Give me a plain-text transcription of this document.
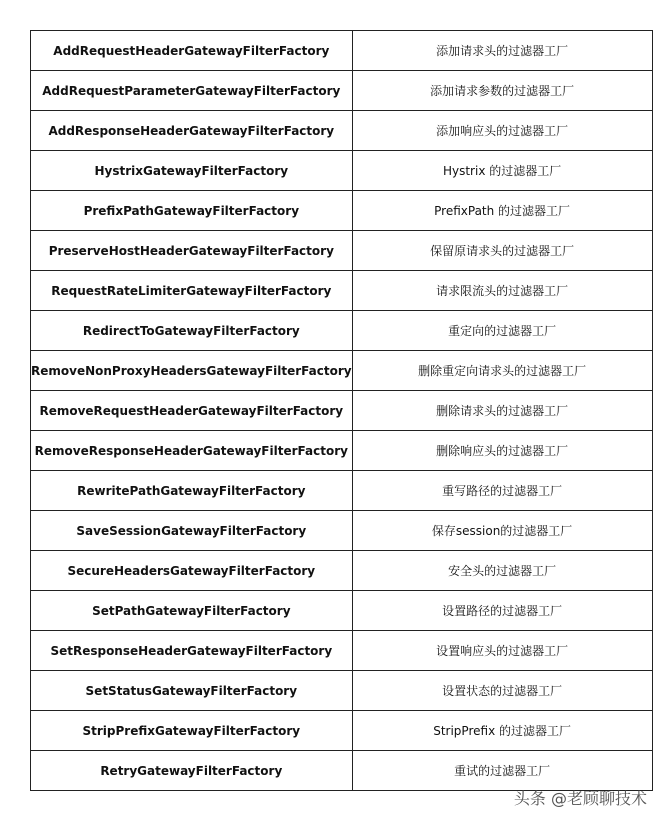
AddRequestHeaderGatewayFilterFactory	添加请求头的过滤器工厂
AddRequestParameterGatewayFilterFactory	添加请求参数的过滤器工厂
AddResponseHeaderGatewayFilterFactory	添加响应头的过滤器工厂
HystrixGatewayFilterFactory	Hystrix 的过滤器工厂
PrefixPathGatewayFilterFactory	PrefixPath 的过滤器工厂
PreserveHostHeaderGatewayFilterFactory	保留原请求头的过滤器工厂
RequestRateLimiterGatewayFilterFactory	请求限流头的过滤器工厂
RedirectToGatewayFilterFactory	重定向的过滤器工厂
RemoveNonProxyHeadersGatewayFilterFactory	删除重定向请求头的过滤器工厂
RemoveRequestHeaderGatewayFilterFactory	删除请求头的过滤器工厂
RemoveResponseHeaderGatewayFilterFactory	删除响应头的过滤器工厂
RewritePathGatewayFilterFactory	重写路径的过滤器工厂
SaveSessionGatewayFilterFactory	保存session的过滤器工厂
SecureHeadersGatewayFilterFactory	安全头的过滤器工厂
SetPathGatewayFilterFactory	设置路径的过滤器工厂
SetResponseHeaderGatewayFilterFactory	设置响应头的过滤器工厂
SetStatusGatewayFilterFactory	设置状态的过滤器工厂
StripPrefixGatewayFilterFactory	StripPrefix 的过滤器工厂
RetryGatewayFilterFactory	重试的过滤器工厂
头条 @老顾聊技术
